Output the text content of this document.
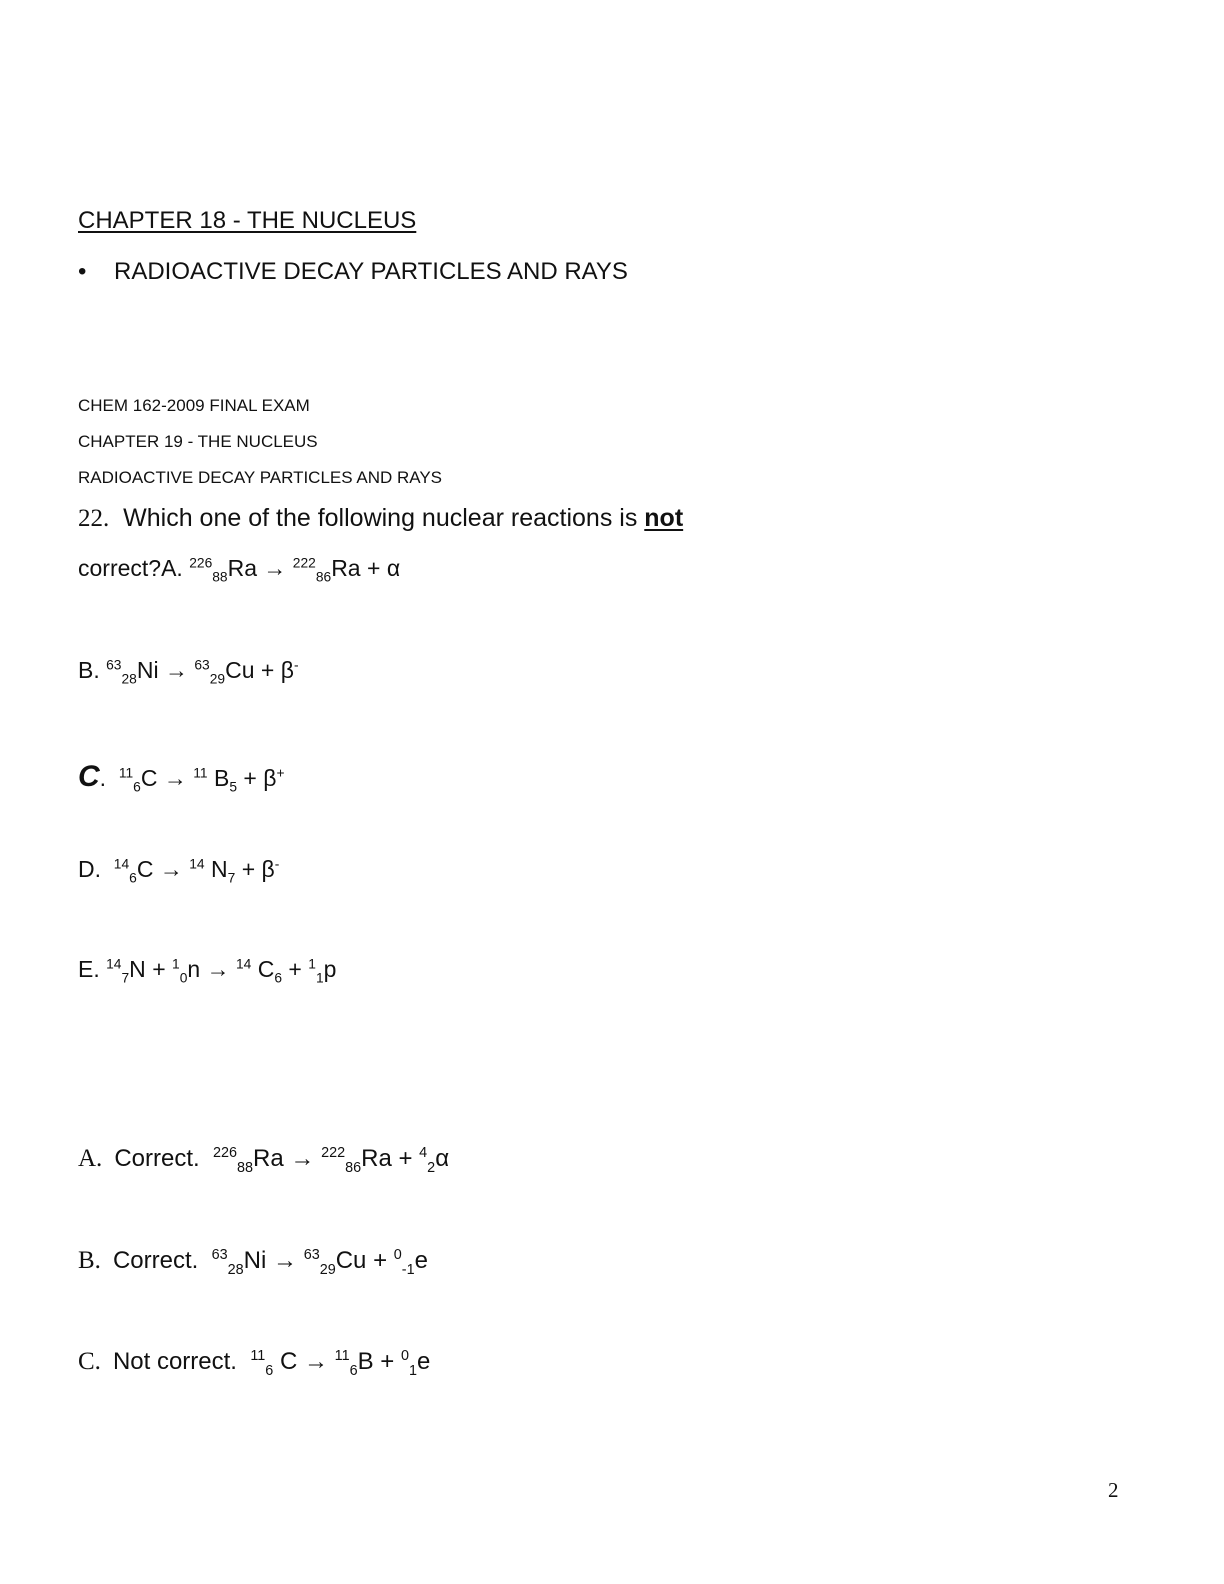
CHAPTER 18 - THE NUCLEUS
• RADIOACTIVE DECAY PARTICLES AND RAYS
CHEM 162-2009 FINAL EXAM
CHAPTER 19 - THE NUCLEUS
RADIOACTIVE DECAY PARTICLES AND RAYS
22. Which one of the following nuclear reactions is not
correct?A. $^{226}_{88}$Ra → $^{222}_{86}$Ra + α
B. $^{63}_{28}$Ni → $^{63}_{29}$Cu + β-
C. $^{11}_6$C → $^{11}$ $B_5 + \beta^+$
D. $^{14}_6$C → $^{14}$ $N_7 + \beta^-$
E. $^{14}_7$N + $^1_0$n → $^{14}$ $C_6 + ^1_1p$
A. Correct. $^{226}_{88}$Ra → $^{222}_{86}$Ra + $^4_2$α
B. Correct. $^{63}_{28}$Ni → $^{63}_{29}$Cu + $^0_{-1}$e
C. Not correct. $^{11}_6$ C → $^{11}_6$B + $^0_1$e
2
